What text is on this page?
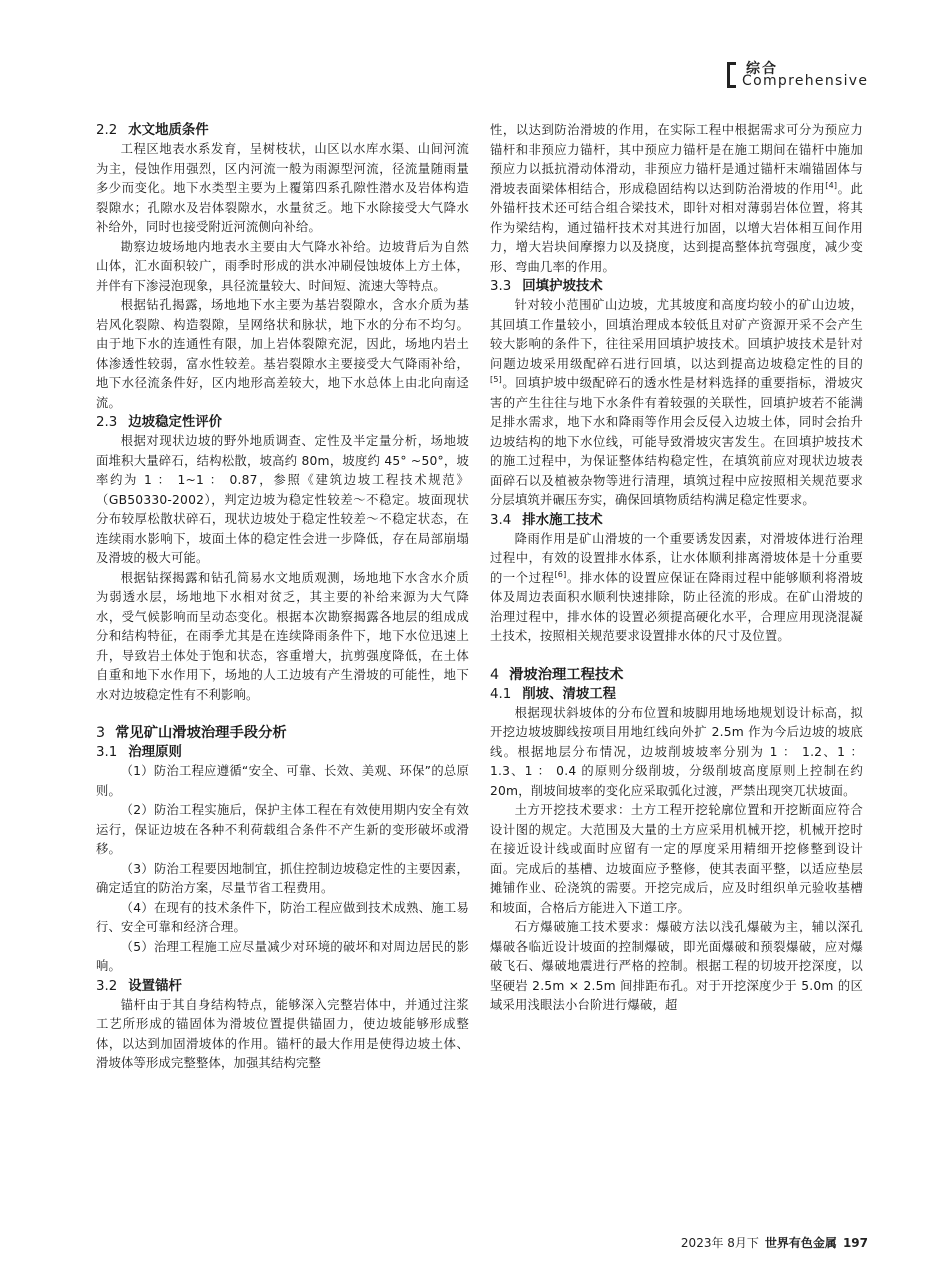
综合
Comprehensive
2.2 水文地质条件

工程区地表水系发育，呈树枝状，山区以水库水渠、山间河流为主，侵蚀作用强烈，区内河流一般为雨源型河流，径流量随雨量多少而变化。地下水类型主要为上覆第四系孔隙性潜水及岩体构造裂隙水；孔隙水及岩体裂隙水，水量贫乏。地下水除接受大气降水补给外，同时也接受附近河流侧向补给。

勘察边坡场地内地表水主要由大气降水补给。边坡背后为自然山体，汇水面积较广，雨季时形成的洪水冲刷侵蚀坡体上方土体，并伴有下渗浸泡现象，具径流量较大、时间短、流速大等特点。

根据钻孔揭露，场地地下水主要为基岩裂隙水，含水介质为基岩风化裂隙、构造裂隙，呈网络状和脉状，地下水的分布不均匀。由于地下水的连通性有限，加上岩体裂隙充泥，因此，场地内岩土体渗透性较弱，富水性较差。基岩裂隙水主要接受大气降雨补给，地下水径流条件好，区内地形高差较大，地下水总体上由北向南迳流。

2.3 边坡稳定性评价

根据对现状边坡的野外地质调查、定性及半定量分析，场地坡面堆积大量碎石，结构松散，坡高约 80m，坡度约 45° ~50°，坡率约为 1 ： 1~1 ： 0.87，参照《建筑边坡工程技术规范》（GB50330-2002），判定边坡为稳定性较差～不稳定。坡面现状分布较厚松散状碎石，现状边坡处于稳定性较差～不稳定状态，在连续雨水影响下，坡面土体的稳定性会进一步降低，存在局部崩塌及滑坡的极大可能。

根据钻探揭露和钻孔简易水文地质观测，场地地下水含水介质为弱透水层，场地地下水相对贫乏，其主要的补给来源为大气降水，受气候影响而呈动态变化。根据本次勘察揭露各地层的组成成分和结构特征，在雨季尤其是在连续降雨条件下，地下水位迅速上升，导致岩土体处于饱和状态，容重增大，抗剪强度降低，在土体自重和地下水作用下，场地的人工边坡有产生滑坡的可能性，地下水对边坡稳定性有不利影响。

3 常见矿山滑坡治理手段分析
3.1 治理原则

（1）防治工程应遵循“安全、可靠、长效、美观、环保”的总原则。

（2）防治工程实施后，保护主体工程在有效使用期内安全有效运行，保证边坡在各种不利荷载组合条件不产生新的变形破坏或滑移。

（3）防治工程要因地制宜，抓住控制边坡稳定性的主要因素，确定适宜的防治方案，尽量节省工程费用。

（4）在现有的技术条件下，防治工程应做到技术成熟、施工易行、安全可靠和经济合理。

（5）治理工程施工应尽量减少对环境的破坏和对周边居民的影响。

3.2 设置锚杆

锚杆由于其自身结构特点，能够深入完整岩体中，并通过注浆工艺所形成的锚固体为滑坡位置提供锚固力，使边坡能够形成整体，以达到加固滑坡体的作用。锚杆的最大作用是使得边坡土体、滑坡体等形成完整整体，加强其结构完整

性，以达到防治滑坡的作用，在实际工程中根据需求可分为预应力锚杆和非预应力锚杆，其中预应力锚杆是在施工期间在锚杆中施加预应力以抵抗滑动体滑动，非预应力锚杆是通过锚杆末端锚固体与滑坡表面梁体相结合，形成稳固结构以达到防治滑坡的作用[4]。此外锚杆技术还可结合组合梁技术，即针对相对薄弱岩体位置，将其作为梁结构，通过锚杆技术对其进行加固，以增大岩体相互间作用力，增大岩块间摩擦力以及挠度，达到提高整体抗弯强度，减少变形、弯曲几率的作用。

3.3 回填护坡技术

针对较小范围矿山边坡，尤其坡度和高度均较小的矿山边坡，其回填工作量较小，回填治理成本较低且对矿产资源开采不会产生较大影响的条件下，往往采用回填护坡技术。回填护坡技术是针对问题边坡采用级配碎石进行回填，以达到提高边坡稳定性的目的[5]。回填护坡中级配碎石的透水性是材料选择的重要指标，滑坡灾害的产生往往与地下水条件有着较强的关联性，回填护坡若不能满足排水需求，地下水和降雨等作用会反侵入边坡土体，同时会抬升边坡结构的地下水位线，可能导致滑坡灾害发生。在回填护坡技术的施工过程中，为保证整体结构稳定性，在填筑前应对现状边坡表面碎石以及植被杂物等进行清理，填筑过程中应按照相关规范要求分层填筑并碾压夯实，确保回填物质结构满足稳定性要求。

3.4 排水施工技术

降雨作用是矿山滑坡的一个重要诱发因素，对滑坡体进行治理过程中，有效的设置排水体系，让水体顺利排离滑坡体是十分重要的一个过程[6]。排水体的设置应保证在降雨过程中能够顺利将滑坡体及周边表面积水顺利快速排除，防止径流的形成。在矿山滑坡的治理过程中，排水体的设置必须提高硬化水平，合理应用现浇混凝土技术，按照相关规范要求设置排水体的尺寸及位置。

4 滑坡治理工程技术
4.1 削坡、清坡工程

根据现状斜坡体的分布位置和坡脚用地场地规划设计标高，拟开挖边坡坡脚线按项目用地红线向外扩 2.5m 作为今后边坡的坡底线。根据地层分布情况，边坡削坡坡率分别为 1 ： 1.2、1 ： 1.3、1 ： 0.4 的原则分级削坡，分级削坡高度原则上控制在约 20m，削坡间坡率的变化应采取弧化过渡，严禁出现突兀状坡面。

土方开挖技术要求：土方工程开挖轮廓位置和开挖断面应符合设计图的规定。大范围及大量的土方应采用机械开挖，机械开挖时在接近设计线或面时应留有一定的厚度采用精细开挖修整到设计面。完成后的基槽、边坡面应予整修，使其表面平整，以适应垫层摊铺作业、砼浇筑的需要。开挖完成后，应及时组织单元验收基槽和坡面，合格后方能进入下道工序。

石方爆破施工技术要求：爆破方法以浅孔爆破为主，辅以深孔爆破各临近设计坡面的控制爆破，即光面爆破和预裂爆破，应对爆破飞石、爆破地震进行严格的控制。根据工程的切坡开挖深度，以坚硬岩 2.5m × 2.5m 间排距布孔。对于开挖深度少于 5.0m 的区域采用浅眼法小台阶进行爆破，超

2023年 8月下 世界有色金属 197
